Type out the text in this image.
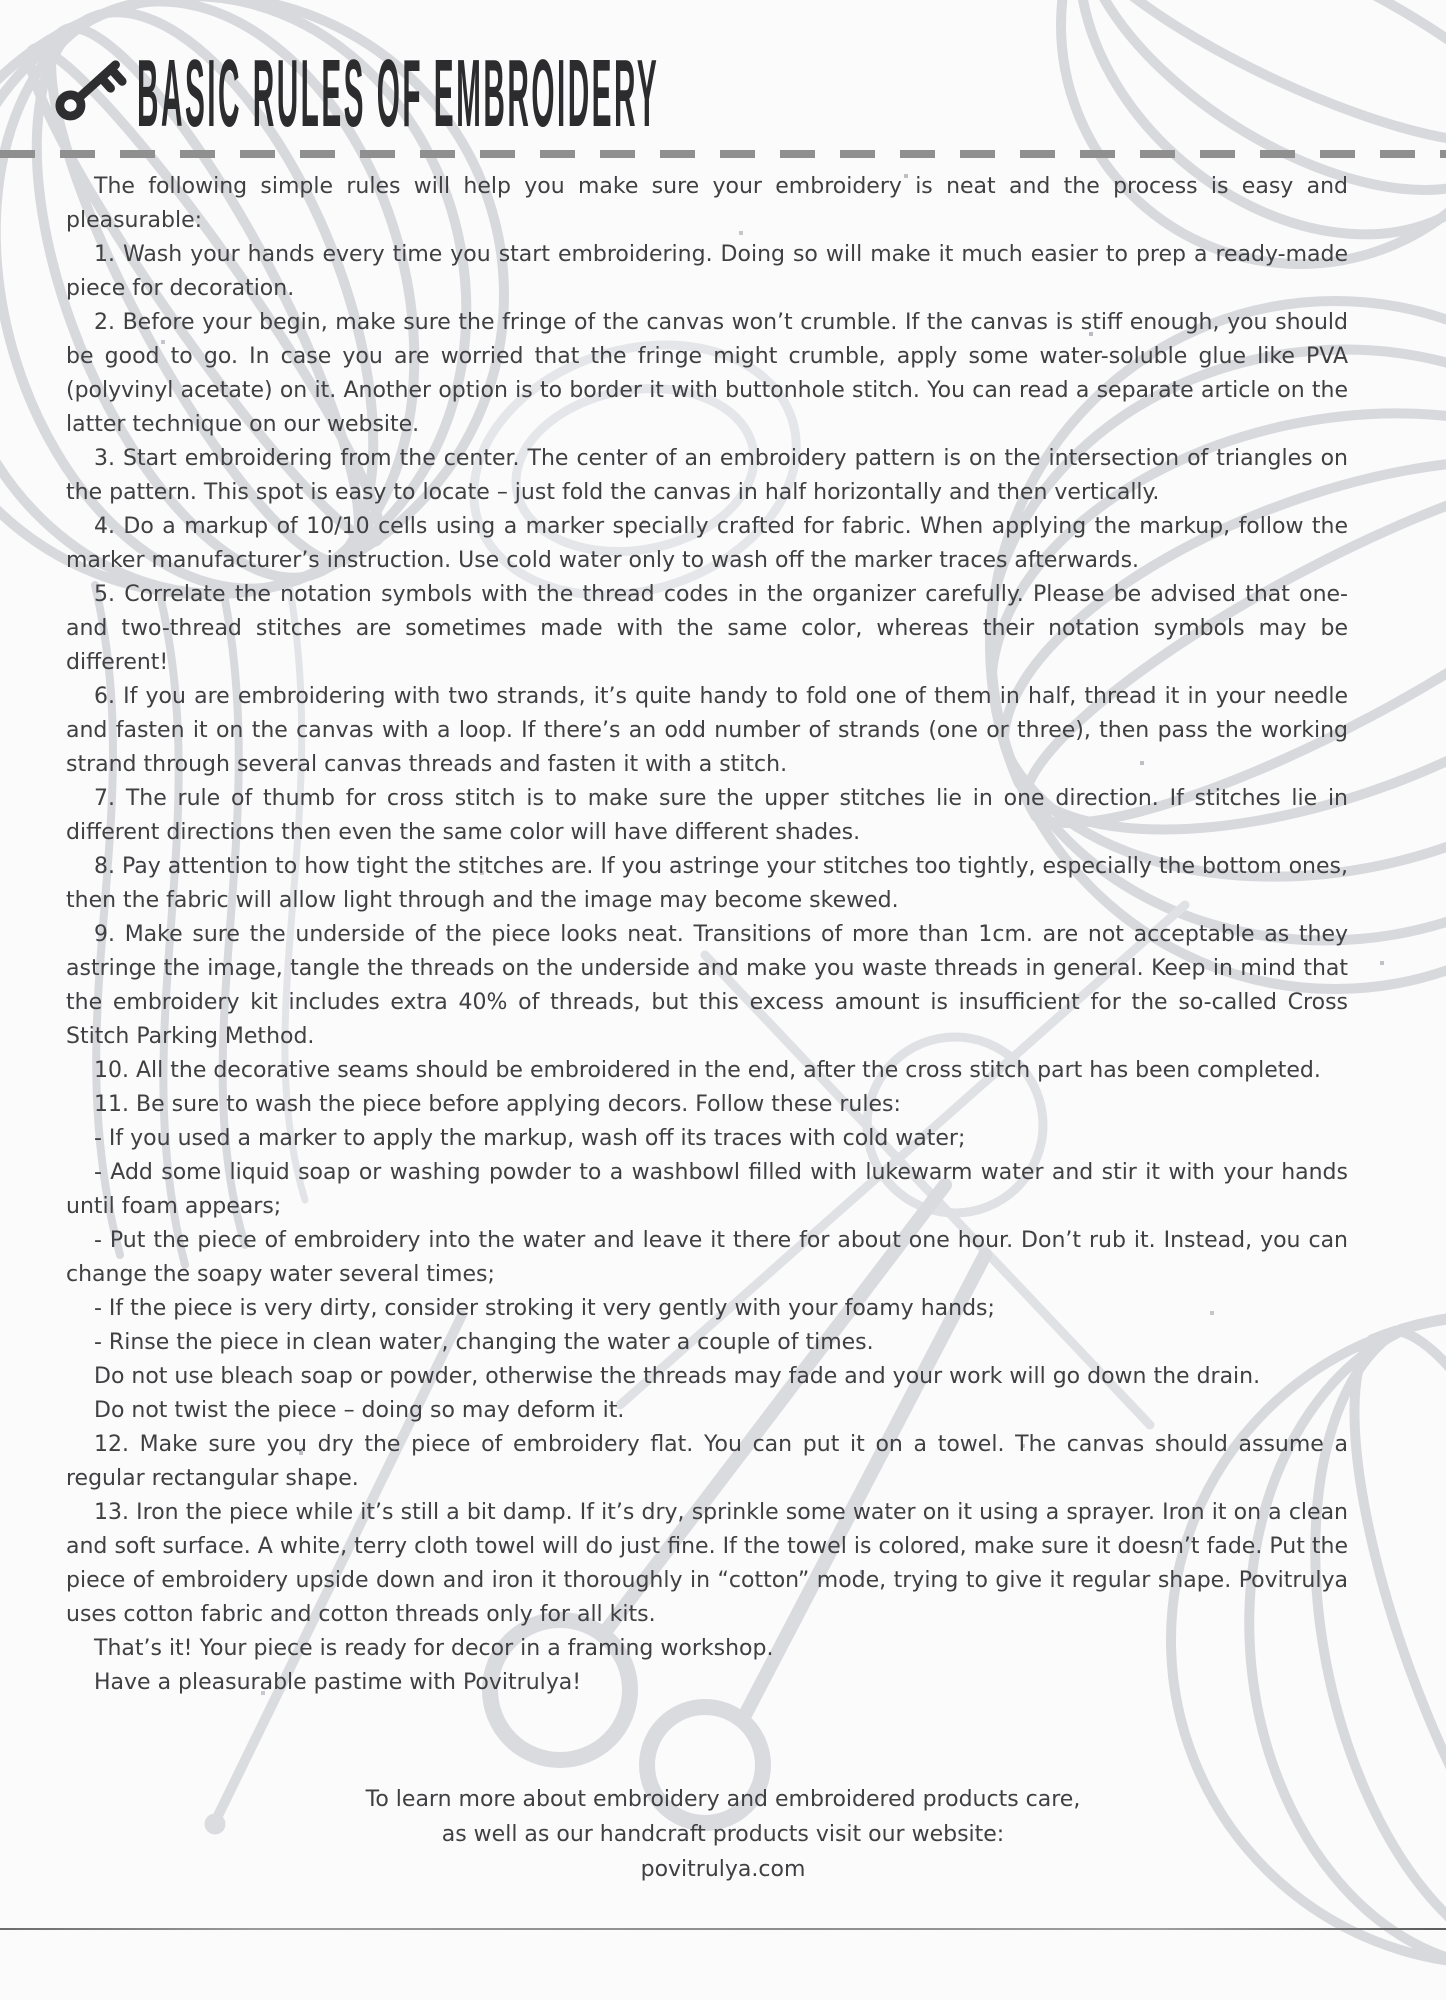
BASIC RULES OF EMBROIDERY

The following simple rules will help you make sure your embroidery is neat and the process is easy and pleasurable:

1. Wash your hands every time you start embroidering. Doing so will make it much easier to prep a ready-made piece for decoration.

2. Before your begin, make sure the fringe of the canvas won’t crumble. If the canvas is stiff enough, you should be good to go. In case you are worried that the fringe might crumble, apply some water-soluble glue like PVA (polyvinyl acetate) on it. Another option is to border it with buttonhole stitch. You can read a separate article on the latter technique on our website.

3. Start embroidering from the center. The center of an embroidery pattern is on the intersection of triangles on the pattern. This spot is easy to locate – just fold the canvas in half horizontally and then vertically.

4. Do a markup of 10/10 cells using a marker specially crafted for fabric. When applying the markup, follow the marker manufacturer’s instruction. Use cold water only to wash off the marker traces afterwards.

5. Correlate the notation symbols with the thread codes in the organizer carefully. Please be advised that one- and two-thread stitches are sometimes made with the same color, whereas their notation symbols may be different!

6. If you are embroidering with two strands, it’s quite handy to fold one of them in half, thread it in your needle and fasten it on the canvas with a loop. If there’s an odd number of strands (one or three), then pass the working strand through several canvas threads and fasten it with a stitch.

7. The rule of thumb for cross stitch is to make sure the upper stitches lie in one direction. If stitches lie in different directions then even the same color will have different shades.

8. Pay attention to how tight the stitches are. If you astringe your stitches too tightly, especially the bottom ones, then the fabric will allow light through and the image may become skewed.

9. Make sure the underside of the piece looks neat. Transitions of more than 1cm. are not acceptable as they astringe the image, tangle the threads on the underside and make you waste threads in general. Keep in mind that the embroidery kit includes extra 40% of threads, but this excess amount is insufficient for the so-called Cross Stitch Parking Method.

10. All the decorative seams should be embroidered in the end, after the cross stitch part has been completed.

11. Be sure to wash the piece before applying decors. Follow these rules:

- If you used a marker to apply the markup, wash off its traces with cold water;

- Add some liquid soap or washing powder to a washbowl filled with lukewarm water and stir it with your hands until foam appears;

- Put the piece of embroidery into the water and leave it there for about one hour. Don’t rub it. Instead, you can change the soapy water several times;

- If the piece is very dirty, consider stroking it very gently with your foamy hands;

- Rinse the piece in clean water, changing the water a couple of times.

Do not use bleach soap or powder, otherwise the threads may fade and your work will go down the drain.

Do not twist the piece – doing so may deform it.

12. Make sure you dry the piece of embroidery flat. You can put it on a towel. The canvas should assume a regular rectangular shape.

13. Iron the piece while it’s still a bit damp. If it’s dry, sprinkle some water on it using a sprayer. Iron it on a clean and soft surface. A white, terry cloth towel will do just fine. If the towel is colored, make sure it doesn’t fade. Put the piece of embroidery upside down and iron it thoroughly in “cotton” mode, trying to give it regular shape. Povitrulya uses cotton fabric and cotton threads only for all kits.

That’s it! Your piece is ready for decor in a framing workshop.

Have a pleasurable pastime with Povitrulya!

To learn more about embroidery and embroidered products care,

as well as our handcraft products visit our website:

povitrulya.com
